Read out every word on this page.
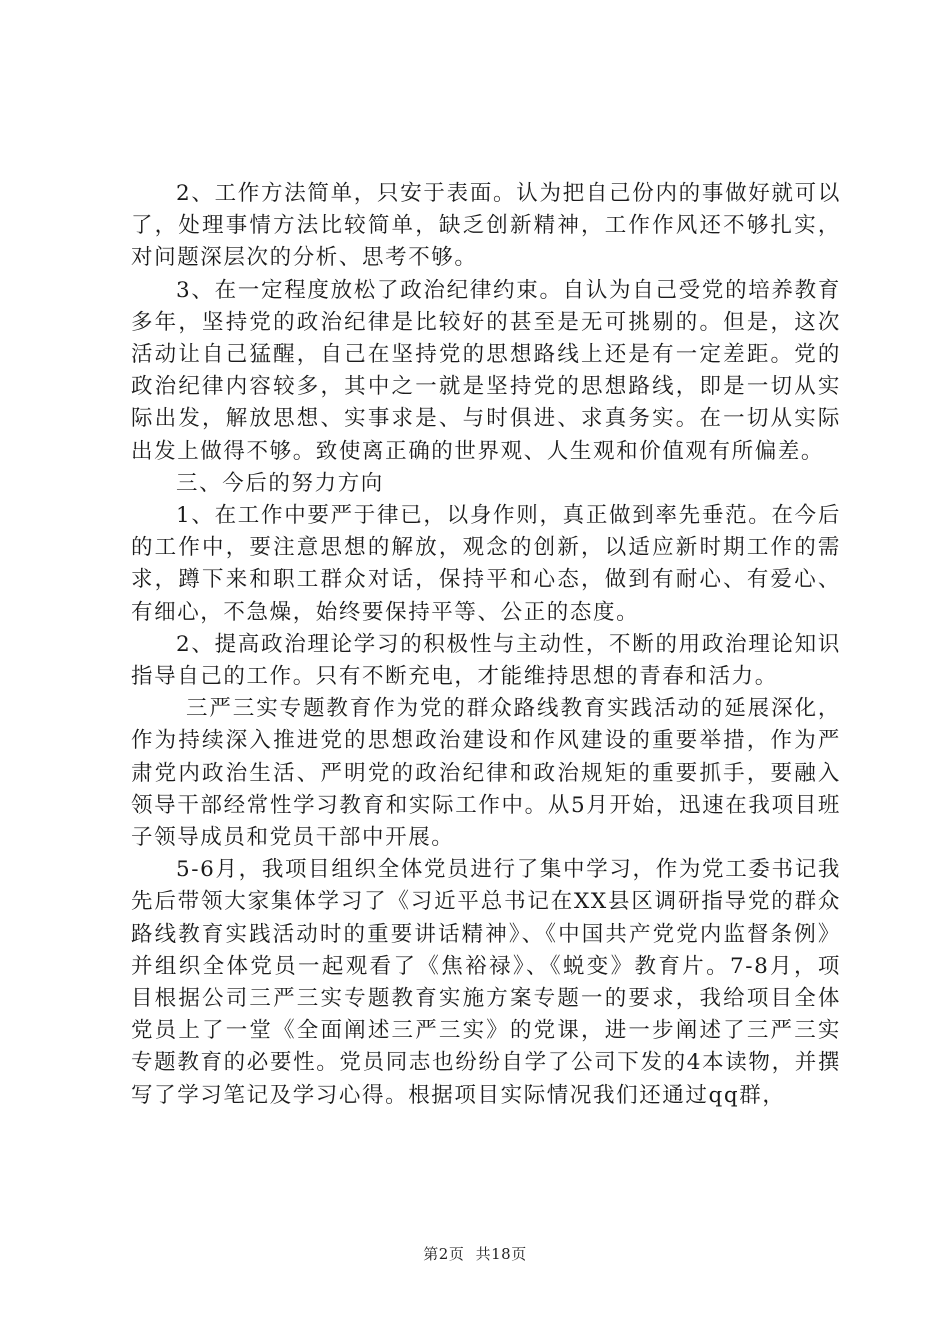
2、工作方法简单，只安于表面。认为把自己份内的事做好就可以了，处理事情方法比较简单，缺乏创新精神，工作作风还不够扎实，对问题深层次的分析、思考不够。

3、在一定程度放松了政治纪律约束。自认为自己受党的培养教育多年，坚持党的政治纪律是比较好的甚至是无可挑剔的。但是，这次活动让自己猛醒，自己在坚持党的思想路线上还是有一定差距。党的政治纪律内容较多，其中之一就是坚持党的思想路线，即是一切从实际出发，解放思想、实事求是、与时俱进、求真务实。在一切从实际出发上做得不够。致使离正确的世界观、人生观和价值观有所偏差。

三、今后的努力方向

1、在工作中要严于律已，以身作则，真正做到率先垂范。在今后的工作中，要注意思想的解放，观念的创新，以适应新时期工作的需求，蹲下来和职工群众对话，保持平和心态，做到有耐心、有爱心、有细心，不急燥，始终要保持平等、公正的态度。

2、提高政治理论学习的积极性与主动性，不断的用政治理论知识指导自己的工作。只有不断充电，才能维持思想的青春和活力。

三严三实专题教育作为党的群众路线教育实践活动的延展深化，作为持续深入推进党的思想政治建设和作风建设的重要举措，作为严肃党内政治生活、严明党的政治纪律和政治规矩的重要抓手，要融入领导干部经常性学习教育和实际工作中。从5月开始，迅速在我项目班子领导成员和党员干部中开展。

5-6月，我项目组织全体党员进行了集中学习，作为党工委书记我先后带领大家集体学习了《习近平总书记在XX县区调研指导党的群众路线教育实践活动时的重要讲话精神》、《中国共产党党内监督条例》并组织全体党员一起观看了《焦裕禄》、《蜕变》教育片。7-8月，项目根据公司三严三实专题教育实施方案专题一的要求，我给项目全体党员上了一堂《全面阐述三严三实》的党课，进一步阐述了三严三实专题教育的必要性。党员同志也纷纷自学了公司下发的4本读物，并撰写了学习笔记及学习心得。根据项目实际情况我们还通过qq群，

第2页 共18页
